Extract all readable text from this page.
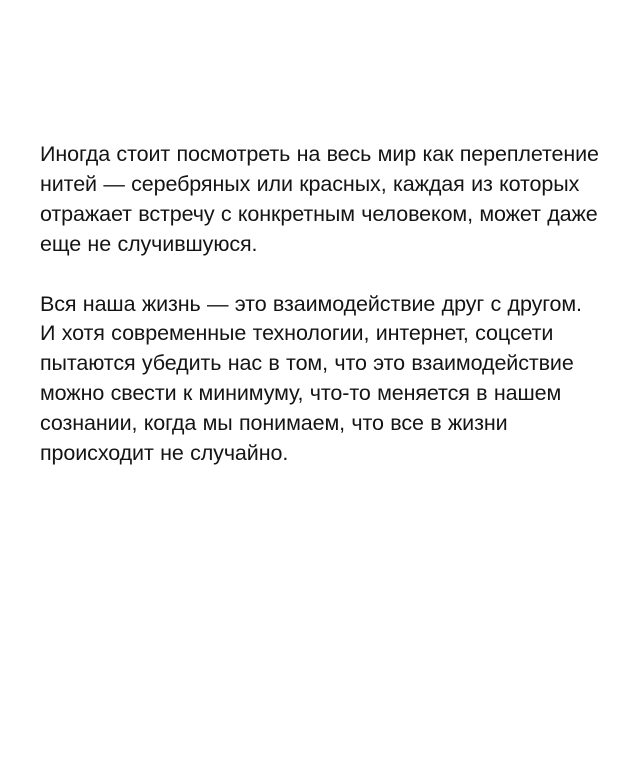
Иногда стоит посмотреть на весь мир как переплетение нитей — серебряных или красных, каждая из которых отражает встречу с конкретным человеком, может даже еще не случившуюся.

Вся наша жизнь — это взаимодействие друг с другом. И хотя современные технологии, интернет, соцсети пытаются убедить нас в том, что это взаимодействие можно свести к минимуму, что-то меняется в нашем сознании, когда мы понимаем, что все в жизни происходит не случайно.
